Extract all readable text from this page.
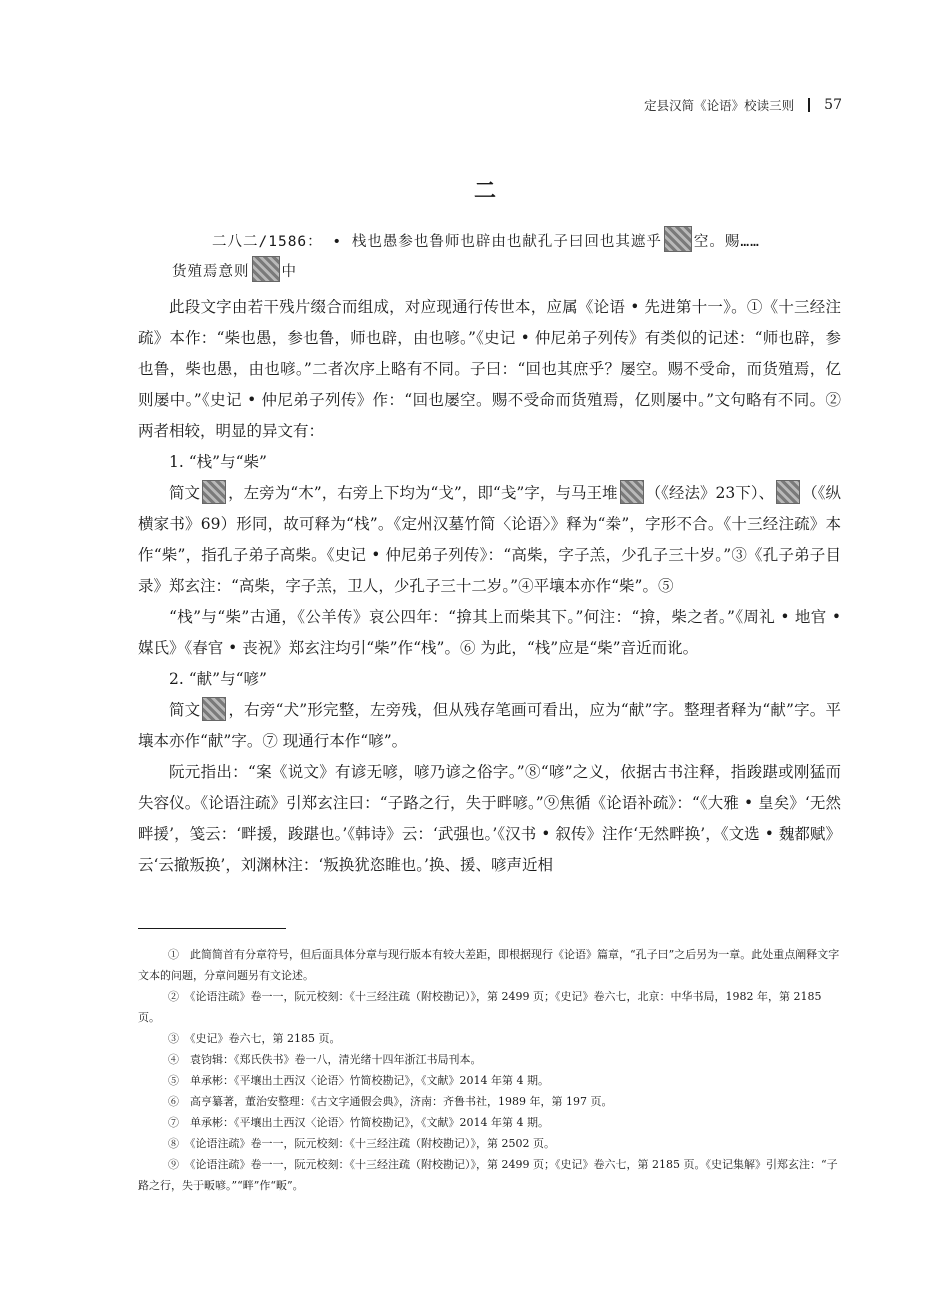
定县汉简《论语》校读三则 57
二
二八二/1586： • 栈也愚参也鲁师也辟由也献孔子曰回也其遮乎 空。赐……
货殖焉意则 中

此段文字由若干残片缀合而组成，对应现通行传世本，应属《论语 • 先进第十一》。①《十三经注疏》本作：“柴也愚，参也鲁，师也辟，由也喭。”《史记 • 仲尼弟子列传》有类似的记述：“师也辟，参也鲁，柴也愚，由也喭。”二者次序上略有不同。子曰：“回也其庶乎？屡空。赐不受命，而货殖焉，亿则屡中。”《史记 • 仲尼弟子列传》作：“回也屡空。赐不受命而货殖焉，亿则屡中。”文句略有不同。② 两者相较，明显的异文有：

1. “栈”与“柴”

简文 ，左旁为“木”，右旁上下均为“戈”，即“戋”字，与马王堆 （《经法》23下）、 （《纵横家书》69）形同，故可释为“栈”。《定州汉墓竹简〈论语〉》释为“桊”，字形不合。《十三经注疏》本作“柴”，指孔子弟子高柴。《史记 • 仲尼弟子列传》：“高柴，字子羔，少孔子三十岁。”③《孔子弟子目录》郑玄注：“高柴，字子羔，卫人，少孔子三十二岁。”④平壤本亦作“柴”。⑤

“栈”与“柴”古通，《公羊传》哀公四年：“揜其上而柴其下。”何注：“揜，柴之者。”《周礼 • 地官 • 媒氏》《春官 • 丧祝》郑玄注均引“柴”作“栈”。⑥ 为此，“栈”应是“柴”音近而讹。

2. “献”与“喭”

简文 ，右旁“犬”形完整，左旁残，但从残存笔画可看出，应为“献”字。整理者释为“献”字。平壤本亦作“献”字。⑦ 现通行本作“喭”。

阮元指出：“案《说文》有谚无喭，喭乃谚之俗字。”⑧“喭”之义，依据古书注释，指踆踸或刚猛而失容仪。《论语注疏》引郑玄注曰：“子路之行，失于畔喭。”⑨焦循《论语补疏》：“《大雅 • 皇矣》‘无然畔援’，笺云：‘畔援，踆踸也。’《韩诗》云：‘武强也。’《汉书 • 叙传》注作‘无然畔换’，《文选 • 魏都赋》云‘云撤叛换’，刘渊林注：‘叛换犹恣睢也。’换、援、喭声近相

①　此简简首有分章符号，但后面具体分章与现行版本有较大差距，即根据现行《论语》篇章，“孔子曰”之后另为一章。此处重点阐释文字文本的问题，分章问题另有文论述。

②　《论语注疏》卷一一，阮元校刻：《十三经注疏（附校勘记）》，第 2499 页；《史记》卷六七，北京：中华书局，1982 年，第 2185 页。

③　《史记》卷六七，第 2185 页。

④　袁钧辑：《郑氏佚书》卷一八，清光绪十四年浙江书局刊本。

⑤　单承彬：《平壤出土西汉〈论语〉竹简校勘记》，《文献》2014 年第 4 期。

⑥　高亨纂著，董治安整理：《古文字通假会典》，济南：齐鲁书社，1989 年，第 197 页。

⑦　单承彬：《平壤出土西汉〈论语〉竹简校勘记》，《文献》2014 年第 4 期。

⑧　《论语注疏》卷一一，阮元校刻：《十三经注疏（附校勘记）》，第 2502 页。

⑨　《论语注疏》卷一一，阮元校刻：《十三经注疏（附校勘记）》，第 2499 页；《史记》卷六七，第 2185 页。《史记集解》引郑玄注：“子路之行，失于畈喭。”“畔”作“畈”。
